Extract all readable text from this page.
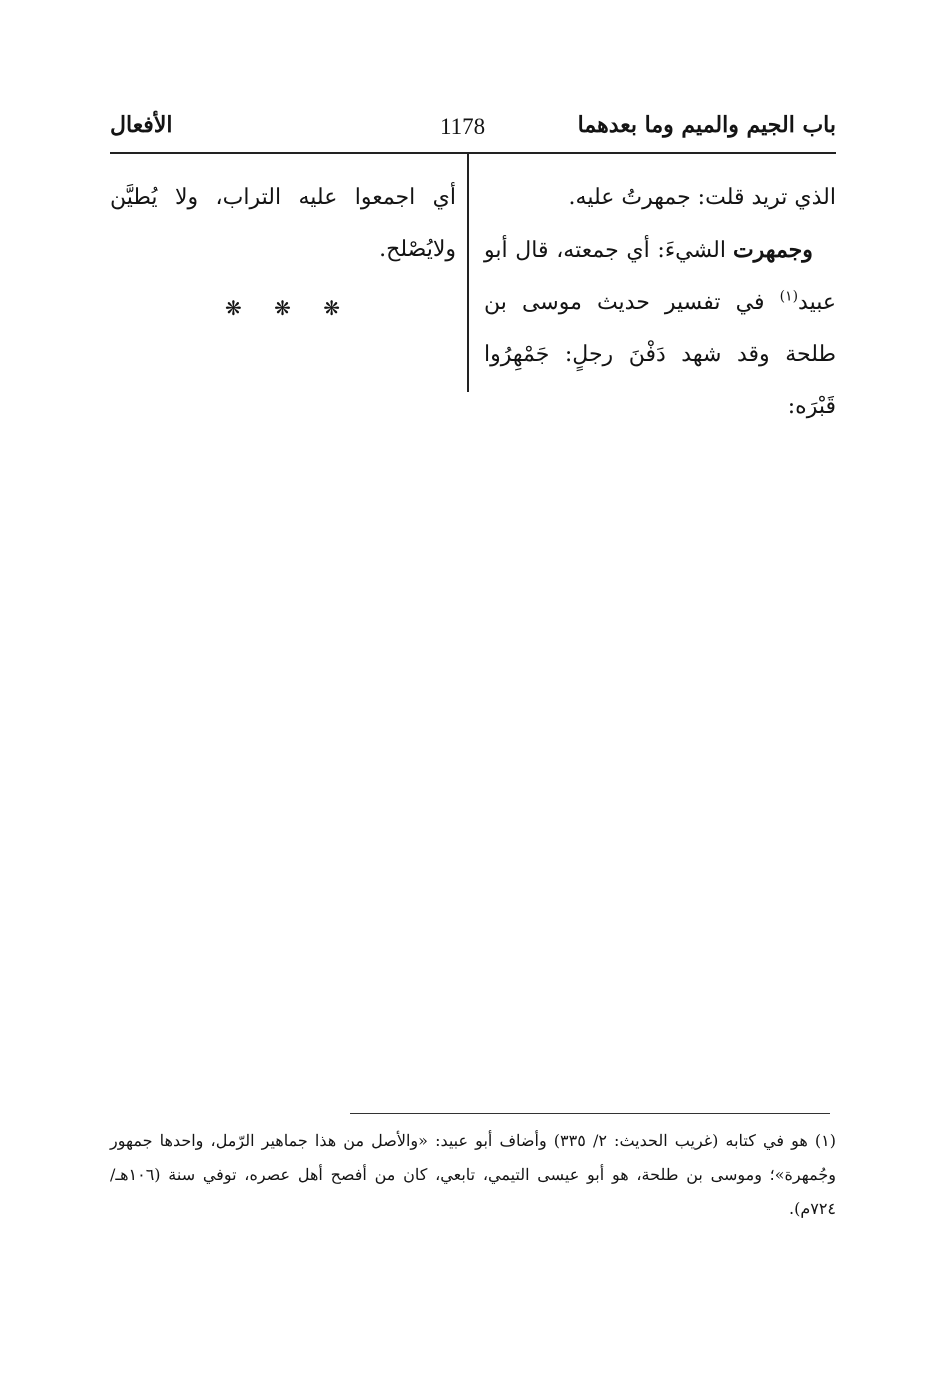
باب الجيم والميم وما بعدهما
1178
الأفعال

الذي تريد قلت: جمهرتُ عليه.

وجمهرت الشيءَ: أي جمعته، قال أبو عبيد$^{(١)}$ في تفسير حديث موسى بن طلحة وقد شهد دَفْنَ رجلٍ: جَمْهِرُوا قَبْرَه:

أي اجمعوا عليه التراب، ولا يُطيَّن ولايُصْلح.

❋ ❋ ❋

(١) هو في كتابه (غريب الحديث: ٢/ ٣٣٥) وأضاف أبو عبيد: «والأصل من هذا جماهير الرّمل، واحدها جمهور وجُمهرة»؛ وموسى بن طلحة، هو أبو عيسى التيمي، تابعي، كان من أفصح أهل عصره، توفي سنة (١٠٦هـ/ ٧٢٤م).
